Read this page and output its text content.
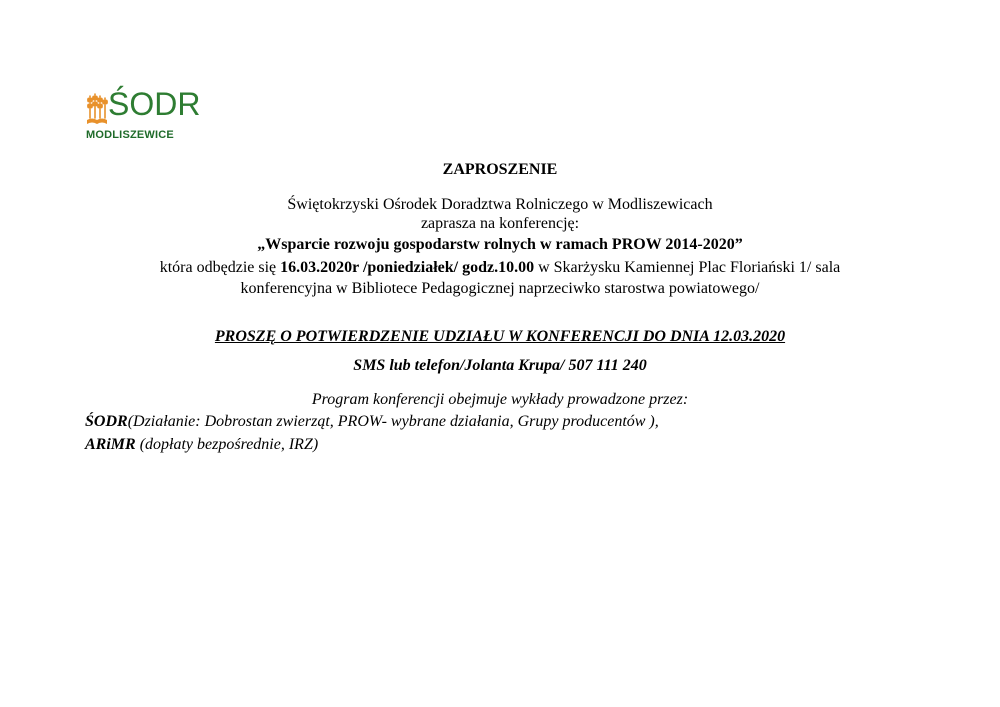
ŚODR
MODLISZEWICE
ZAPROSZENIE
Świętokrzyski Ośrodek Doradztwa Rolniczego w Modliszewicach
zaprasza na konferencję:
„Wsparcie rozwoju gospodarstw rolnych w ramach PROW 2014-2020”
która odbędzie się 16.03.2020r /poniedziałek/ godz.10.00 w Skarżysku Kamiennej Plac Floriański 1/ sala
konferencyjna w Bibliotece Pedagogicznej naprzeciwko starostwa powiatowego/
PROSZĘ O POTWIERDZENIE UDZIAŁU W KONFERENCJI DO DNIA 12.03.2020
SMS lub telefon/Jolanta Krupa/ 507 111 240
Program konferencji obejmuje wykłady prowadzone przez:
ŚODR(Działanie: Dobrostan zwierząt, PROW- wybrane działania, Grupy producentów ),
ARiMR (dopłaty bezpośrednie, IRZ)
